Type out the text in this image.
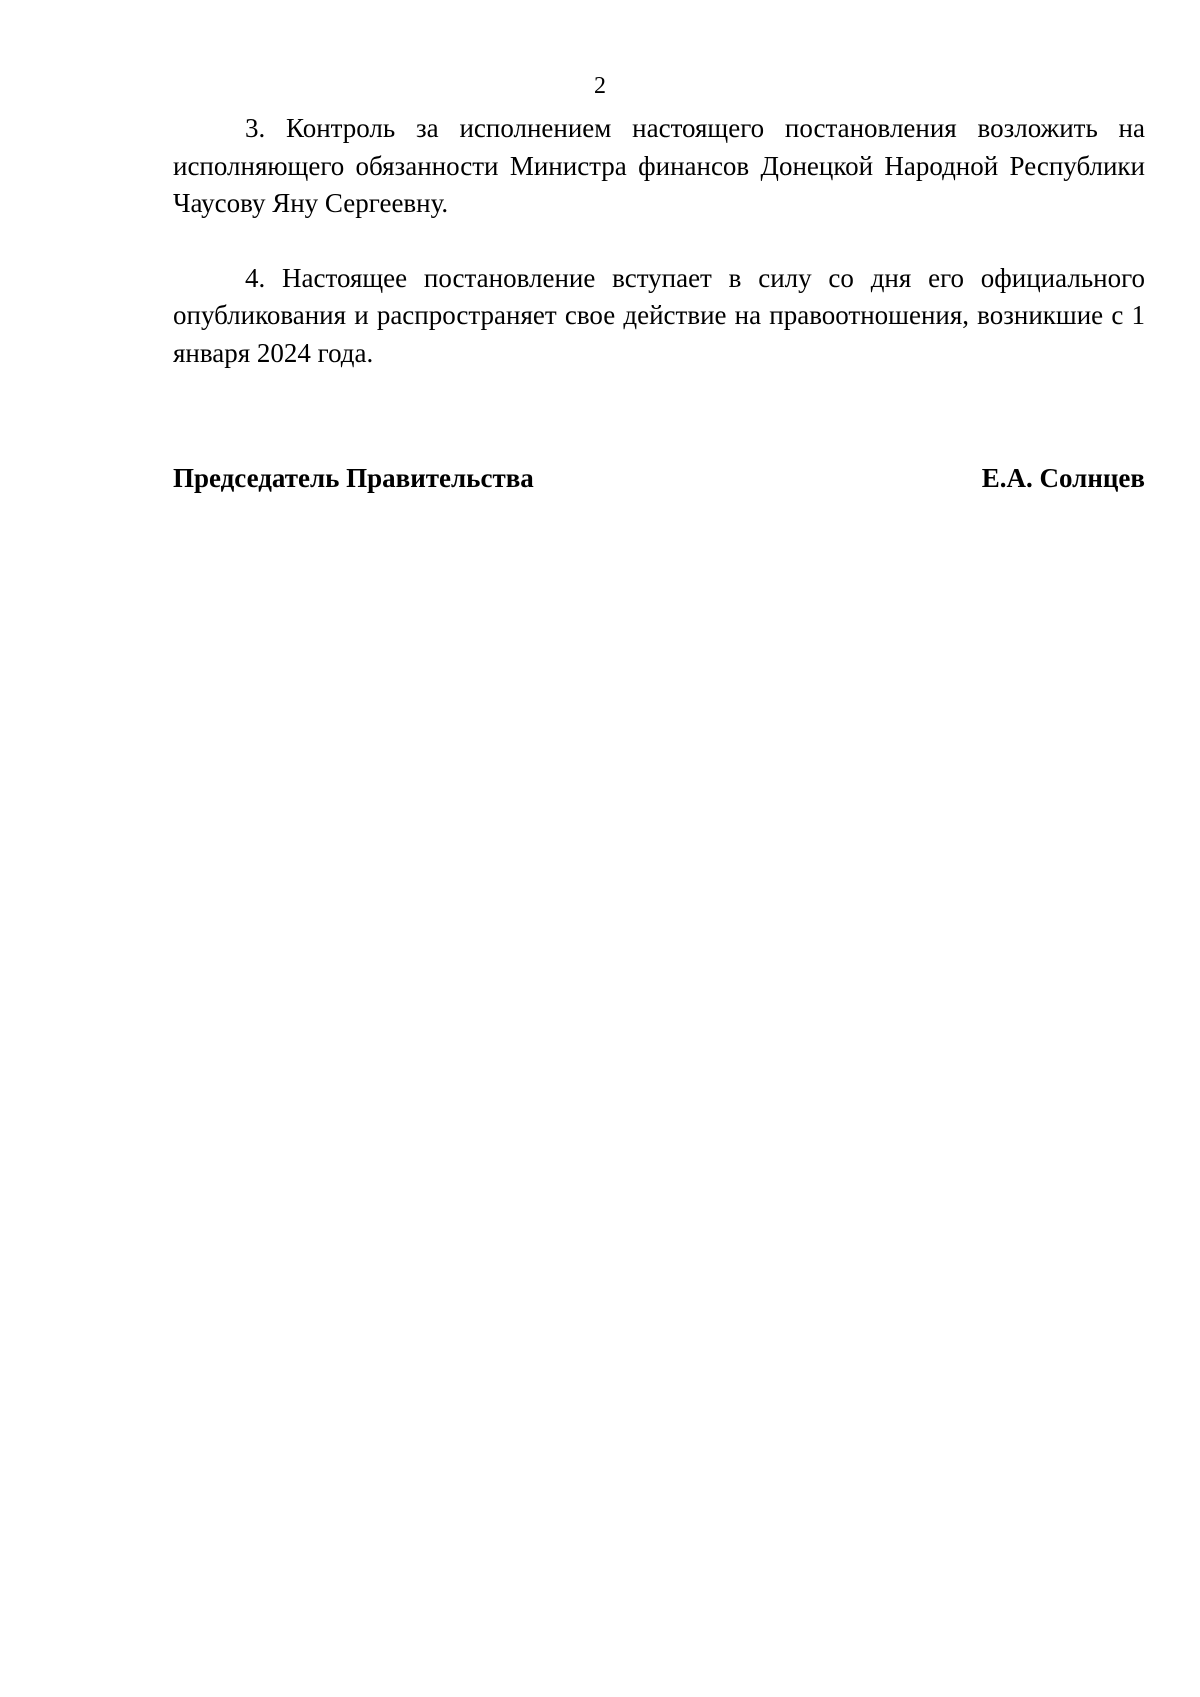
2

3. Контроль за исполнением настоящего постановления возложить на исполняющего обязанности Министра финансов Донецкой Народной Республики Чаусову Яну Сергеевну.

4. Настоящее постановление вступает в силу со дня его официального опубликования и распространяет свое действие на правоотношения, возникшие с 1 января 2024 года.

Председатель Правительства	Е.А. Солнцев
